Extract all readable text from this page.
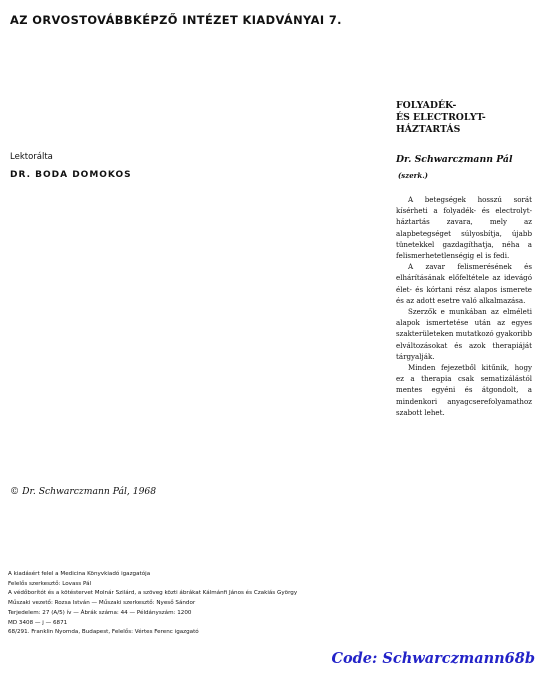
AZ ORVOSTOVÁBBKÉPZŐ INTÉZET KIADVÁNYAI 7.
Lektorálta
DR. BODA DOMOKOS
© Dr. Schwarczmann Pál, 1968
A kiadásért felel a Medicina Könyvkiadó igazgatója
Felelős szerkesztő: Lovass Pál
A védőborítót és a kötéstervet Molnár Szilárd, a szöveg közti ábrákat Kálmánfi János és Czakiás György
Műszaki vezető: Rozsa István — Műszaki szerkesztő: Nyeső Sándor
Terjedelem: 27 (A/5) ív — Ábrák száma: 44 — Példányszám: 1200
MD 3408 — j — 6871
68/291. Franklin Nyomda, Budapest, Felelős: Vértes Ferenc igazgató
FOLYADÉK-
ÉS ELECTROLYT-
HÁZTARTÁS
Dr. Schwarczmann Pál
(szerk.)

A betegségek hosszú sorát kísérheti a folyadék- és electrolyt-háztartás zavara, mely az alapbetegséget súlyosbítja, újabb tünetekkel gazdagíthatja, néha a felismerhetetlenségig el is fedi.

A zavar felismerésének és elhárításának előfeltétele az idevágó élet- és kórtani rész alapos ismerete és az adott esetre való alkalmazása.

Szerzők e munkában az elméleti alapok ismertetése után az egyes szakterületeken mutatkozó gyakoribb elváltozásokat és azok therapiáját tárgyalják.

Minden fejezetből kitűnik, hogy ez a therapia csak sematizálástól mentes egyéni és átgondolt, a mindenkori anyagcserefolyamathoz szabott lehet.

Code: Schwarczmann68b
